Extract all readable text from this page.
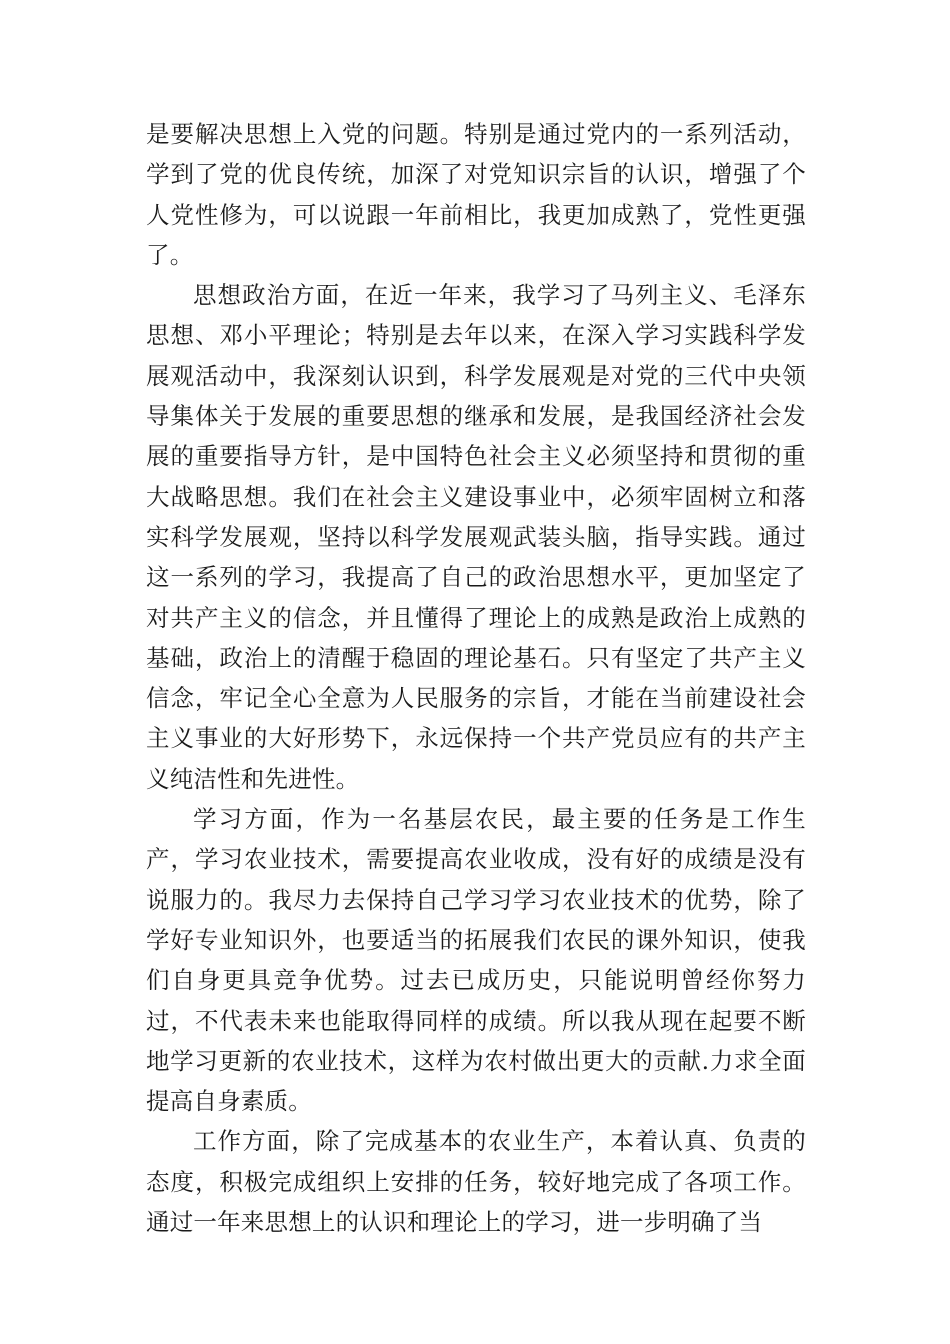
是要解决思想上入党的问题。特别是通过党内的一系列活动，学到了党的优良传统，加深了对党知识宗旨的认识，增强了个人党性修为，可以说跟一年前相比，我更加成熟了，党性更强了。

思想政治方面，在近一年来，我学习了马列主义、毛泽东思想、邓小平理论；特别是去年以来，在深入学习实践科学发展观活动中，我深刻认识到，科学发展观是对党的三代中央领导集体关于发展的重要思想的继承和发展，是我国经济社会发展的重要指导方针，是中国特色社会主义必须坚持和贯彻的重大战略思想。我们在社会主义建设事业中，必须牢固树立和落实科学发展观，坚持以科学发展观武装头脑，指导实践。通过这一系列的学习，我提高了自己的政治思想水平，更加坚定了对共产主义的信念，并且懂得了理论上的成熟是政治上成熟的基础，政治上的清醒于稳固的理论基石。只有坚定了共产主义信念，牢记全心全意为人民服务的宗旨，才能在当前建设社会主义事业的大好形势下，永远保持一个共产党员应有的共产主义纯洁性和先进性。

学习方面，作为一名基层农民，最主要的任务是工作生产，学习农业技术，需要提高农业收成，没有好的成绩是没有说服力的。我尽力去保持自己学习学习农业技术的优势，除了学好专业知识外，也要适当的拓展我们农民的课外知识，使我们自身更具竞争优势。过去已成历史，只能说明曾经你努力过，不代表未来也能取得同样的成绩。所以我从现在起要不断地学习更新的农业技术，这样为农村做出更大的贡献.力求全面提高自身素质。

工作方面，除了完成基本的农业生产，本着认真、负责的态度，积极完成组织上安排的任务，较好地完成了各项工作。通过一年来思想上的认识和理论上的学习，进一步明确了当
